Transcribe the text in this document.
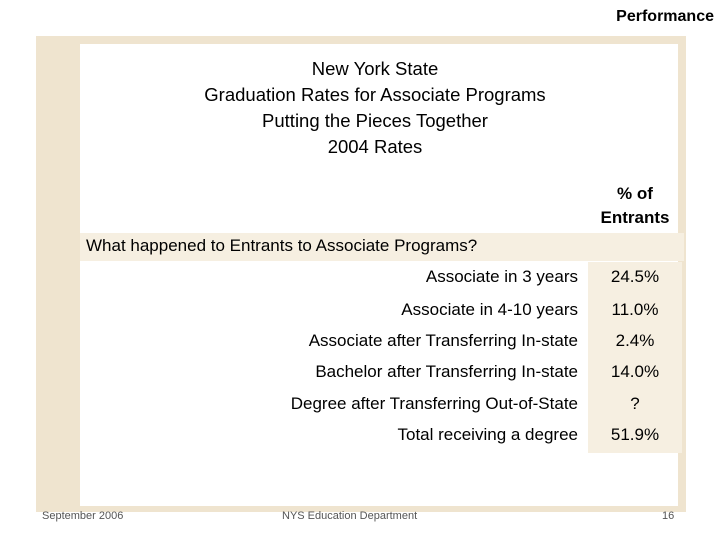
Performance
New York State
Graduation Rates for Associate Programs
Putting the Pieces Together
2004 Rates
% of
Entrants
What happened to Entrants to Associate Programs?
Associate in 3 years	24.5%
Associate in 4-10 years	11.0%
Associate after Transferring In-state	2.4%
Bachelor after Transferring In-state	14.0%
Degree after Transferring Out-of-State	?
Total receiving a degree	51.9%
September 2006	NYS Education Department	16
